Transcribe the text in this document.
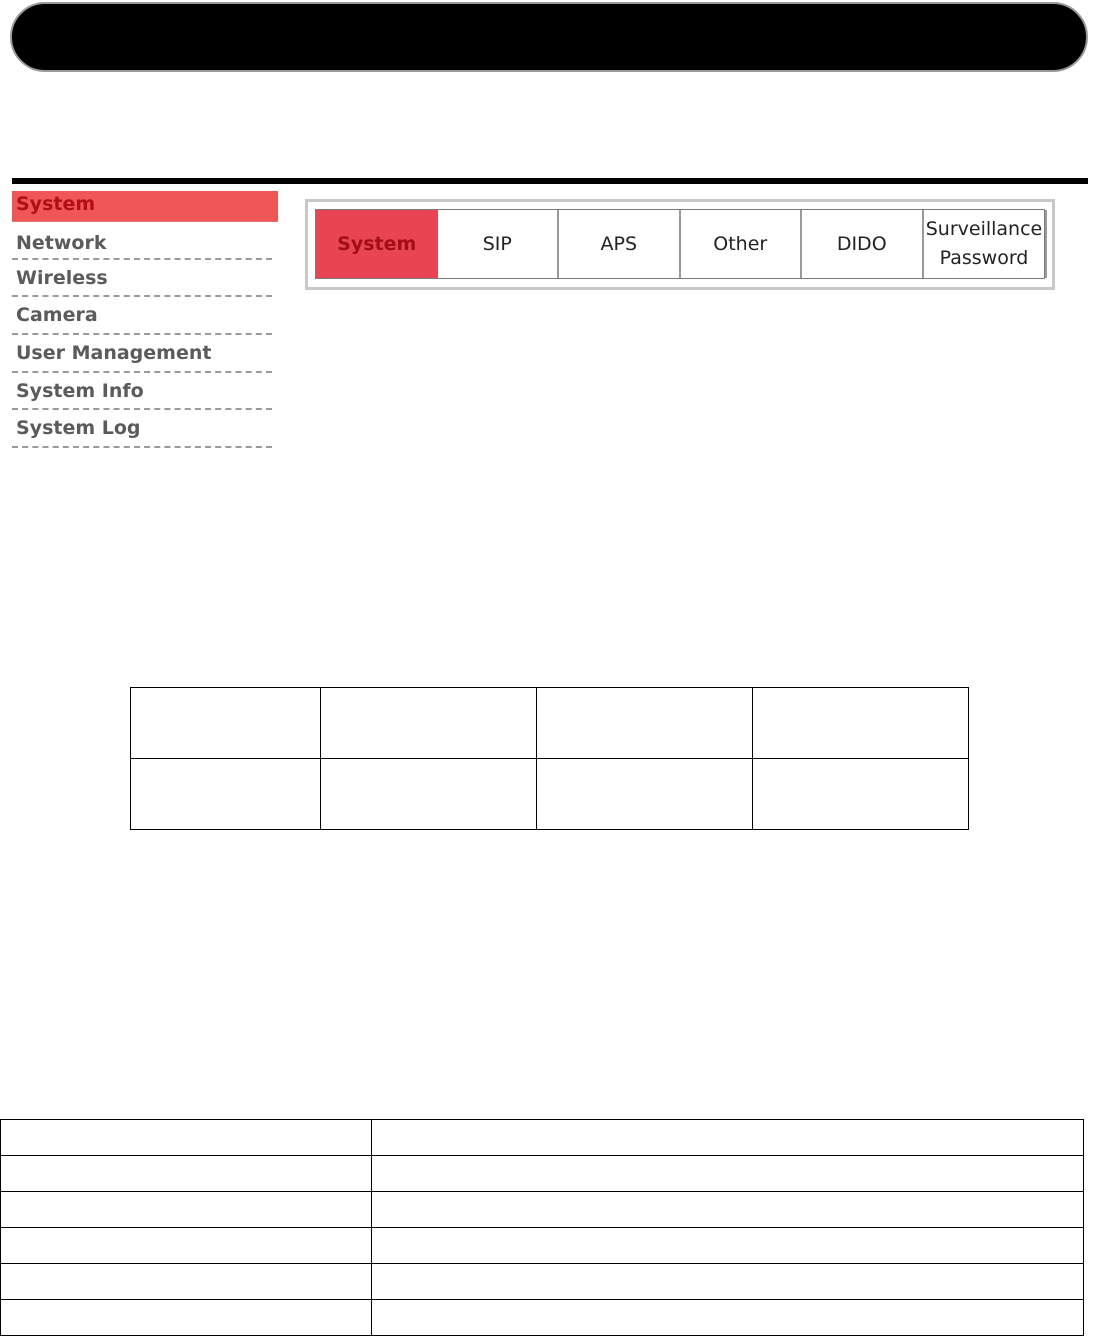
System
Network
Wireless
Camera
User Management
System Info
System Log
System	SIP	APS	Other	DIDO
Surveillance
Password
